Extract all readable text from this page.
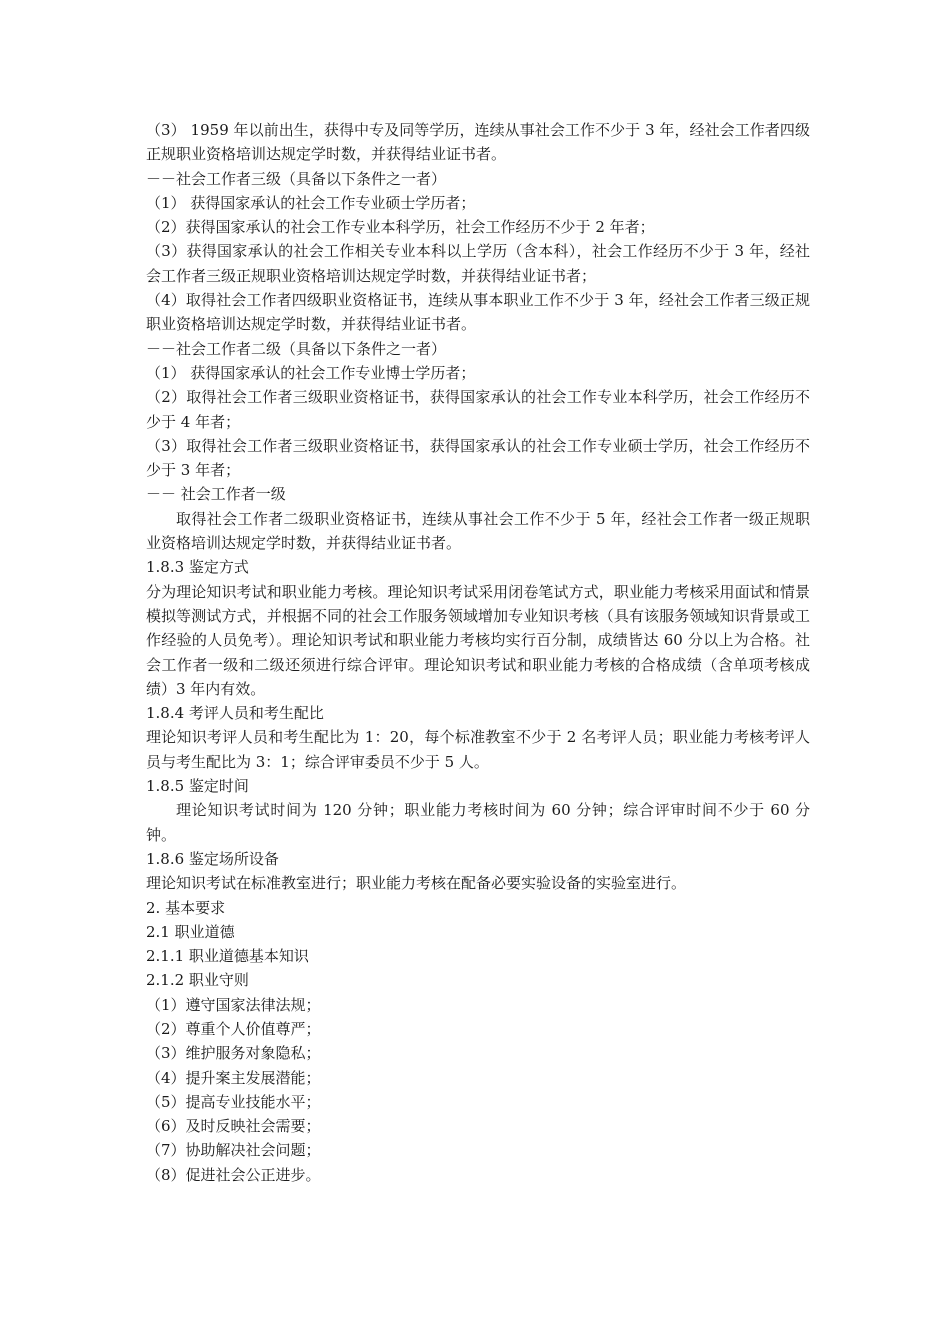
（3） 1959 年以前出生，获得中专及同等学历，连续从事社会工作不少于 3 年，经社会工作者四级正规职业资格培训达规定学时数，并获得结业证书者。

－－社会工作者三级（具备以下条件之一者）

（1） 获得国家承认的社会工作专业硕士学历者；

（2）获得国家承认的社会工作专业本科学历，社会工作经历不少于 2 年者；

（3）获得国家承认的社会工作相关专业本科以上学历（含本科），社会工作经历不少于 3 年，经社会工作者三级正规职业资格培训达规定学时数，并获得结业证书者；

（4）取得社会工作者四级职业资格证书，连续从事本职业工作不少于 3 年，经社会工作者三级正规职业资格培训达规定学时数，并获得结业证书者。

－－社会工作者二级（具备以下条件之一者）

（1） 获得国家承认的社会工作专业博士学历者；

（2）取得社会工作者三级职业资格证书，获得国家承认的社会工作专业本科学历，社会工作经历不少于 4 年者；

（3）取得社会工作者三级职业资格证书，获得国家承认的社会工作专业硕士学历，社会工作经历不少于 3 年者；

－－ 社会工作者一级

取得社会工作者二级职业资格证书，连续从事社会工作不少于 5 年，经社会工作者一级正规职业资格培训达规定学时数，并获得结业证书者。

1.8.3 鉴定方式

分为理论知识考试和职业能力考核。理论知识考试采用闭卷笔试方式，职业能力考核采用面试和情景模拟等测试方式，并根据不同的社会工作服务领域增加专业知识考核（具有该服务领域知识背景或工作经验的人员免考）。理论知识考试和职业能力考核均实行百分制，成绩皆达 60 分以上为合格。社会工作者一级和二级还须进行综合评审。理论知识考试和职业能力考核的合格成绩（含单项考核成绩）3 年内有效。

1.8.4 考评人员和考生配比

理论知识考评人员和考生配比为 1：20，每个标准教室不少于 2 名考评人员；职业能力考核考评人员与考生配比为 3：1；综合评审委员不少于 5 人。

1.8.5 鉴定时间

理论知识考试时间为 120 分钟；职业能力考核时间为 60 分钟；综合评审时间不少于 60 分钟。

1.8.6 鉴定场所设备

理论知识考试在标准教室进行；职业能力考核在配备必要实验设备的实验室进行。

2. 基本要求

2.1 职业道德

2.1.1 职业道德基本知识

2.1.2 职业守则

（1）遵守国家法律法规；

（2）尊重个人价值尊严；

（3）维护服务对象隐私；

（4）提升案主发展潜能；

（5）提高专业技能水平；

（6）及时反映社会需要；

（7）协助解决社会问题；

（8）促进社会公正进步。
